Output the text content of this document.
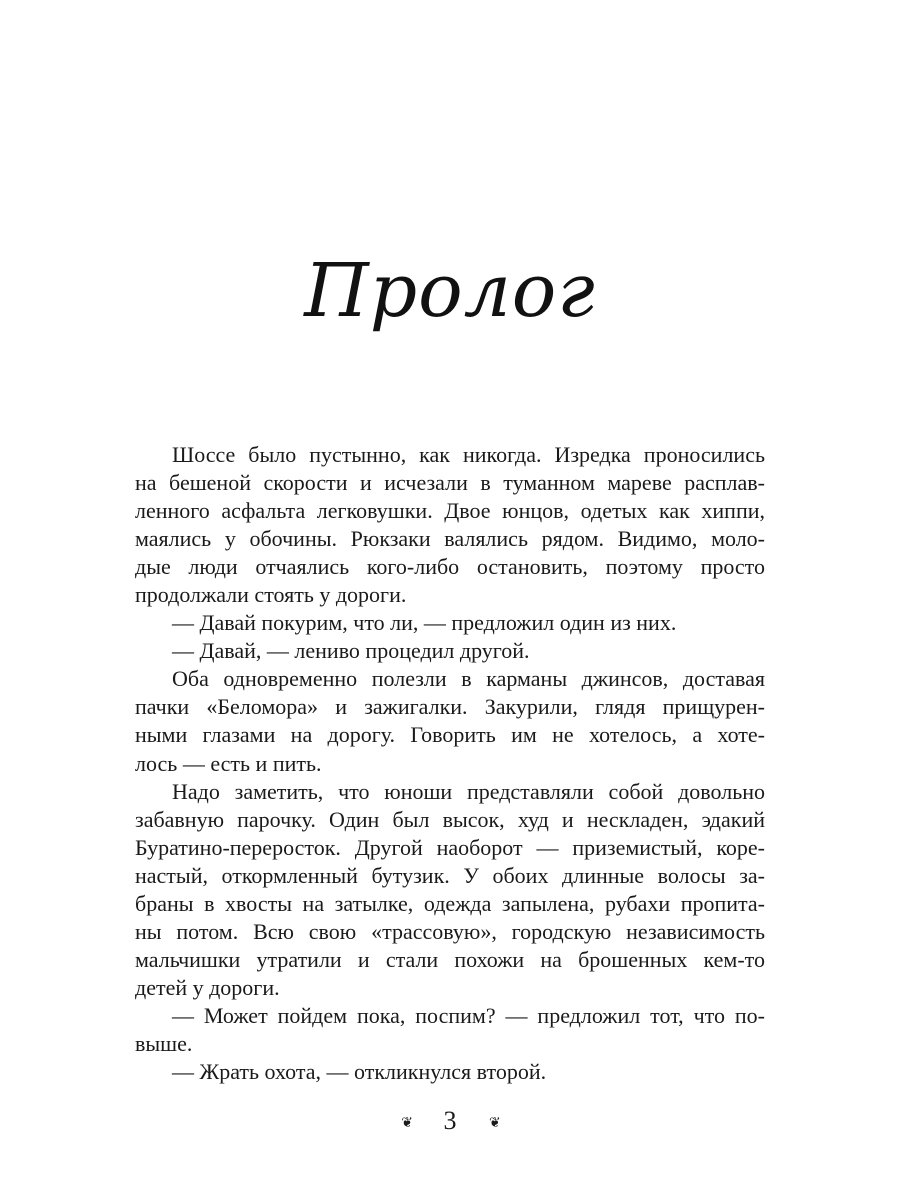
Пролог
Шоссе было пустынно, как никогда. Изредка проносились
на бешеной скорости и исчезали в туманном мареве расплав-
ленного асфальта легковушки. Двое юнцов, одетых как хиппи,
маялись у обочины. Рюкзаки валялись рядом. Видимо, моло-
дые люди отчаялись кого-либо остановить, поэтому просто
продолжали стоять у дороги.
— Давай покурим, что ли, — предложил один из них.
— Давай, — лениво процедил другой.
Оба одновременно полезли в карманы джинсов, доставая
пачки «Беломора» и зажигалки. Закурили, глядя прищурен-
ными глазами на дорогу. Говорить им не хотелось, а хоте-
лось — есть и пить.
Надо заметить, что юноши представляли собой довольно
забавную парочку. Один был высок, худ и нескладен, эдакий
Буратино-переросток. Другой наоборот — приземистый, коре-
настый, откормленный бутузик. У обоих длинные волосы за-
браны в хвосты на затылке, одежда запылена, рубахи пропита-
ны потом. Всю свою «трассовую», городскую независимость
мальчишки утратили и стали похожи на брошенных кем-то
детей у дороги.
— Может пойдем пока, поспим? — предложил тот, что по-
выше.
— Жрать охота, — откликнулся второй.
❦ 3 ❦
